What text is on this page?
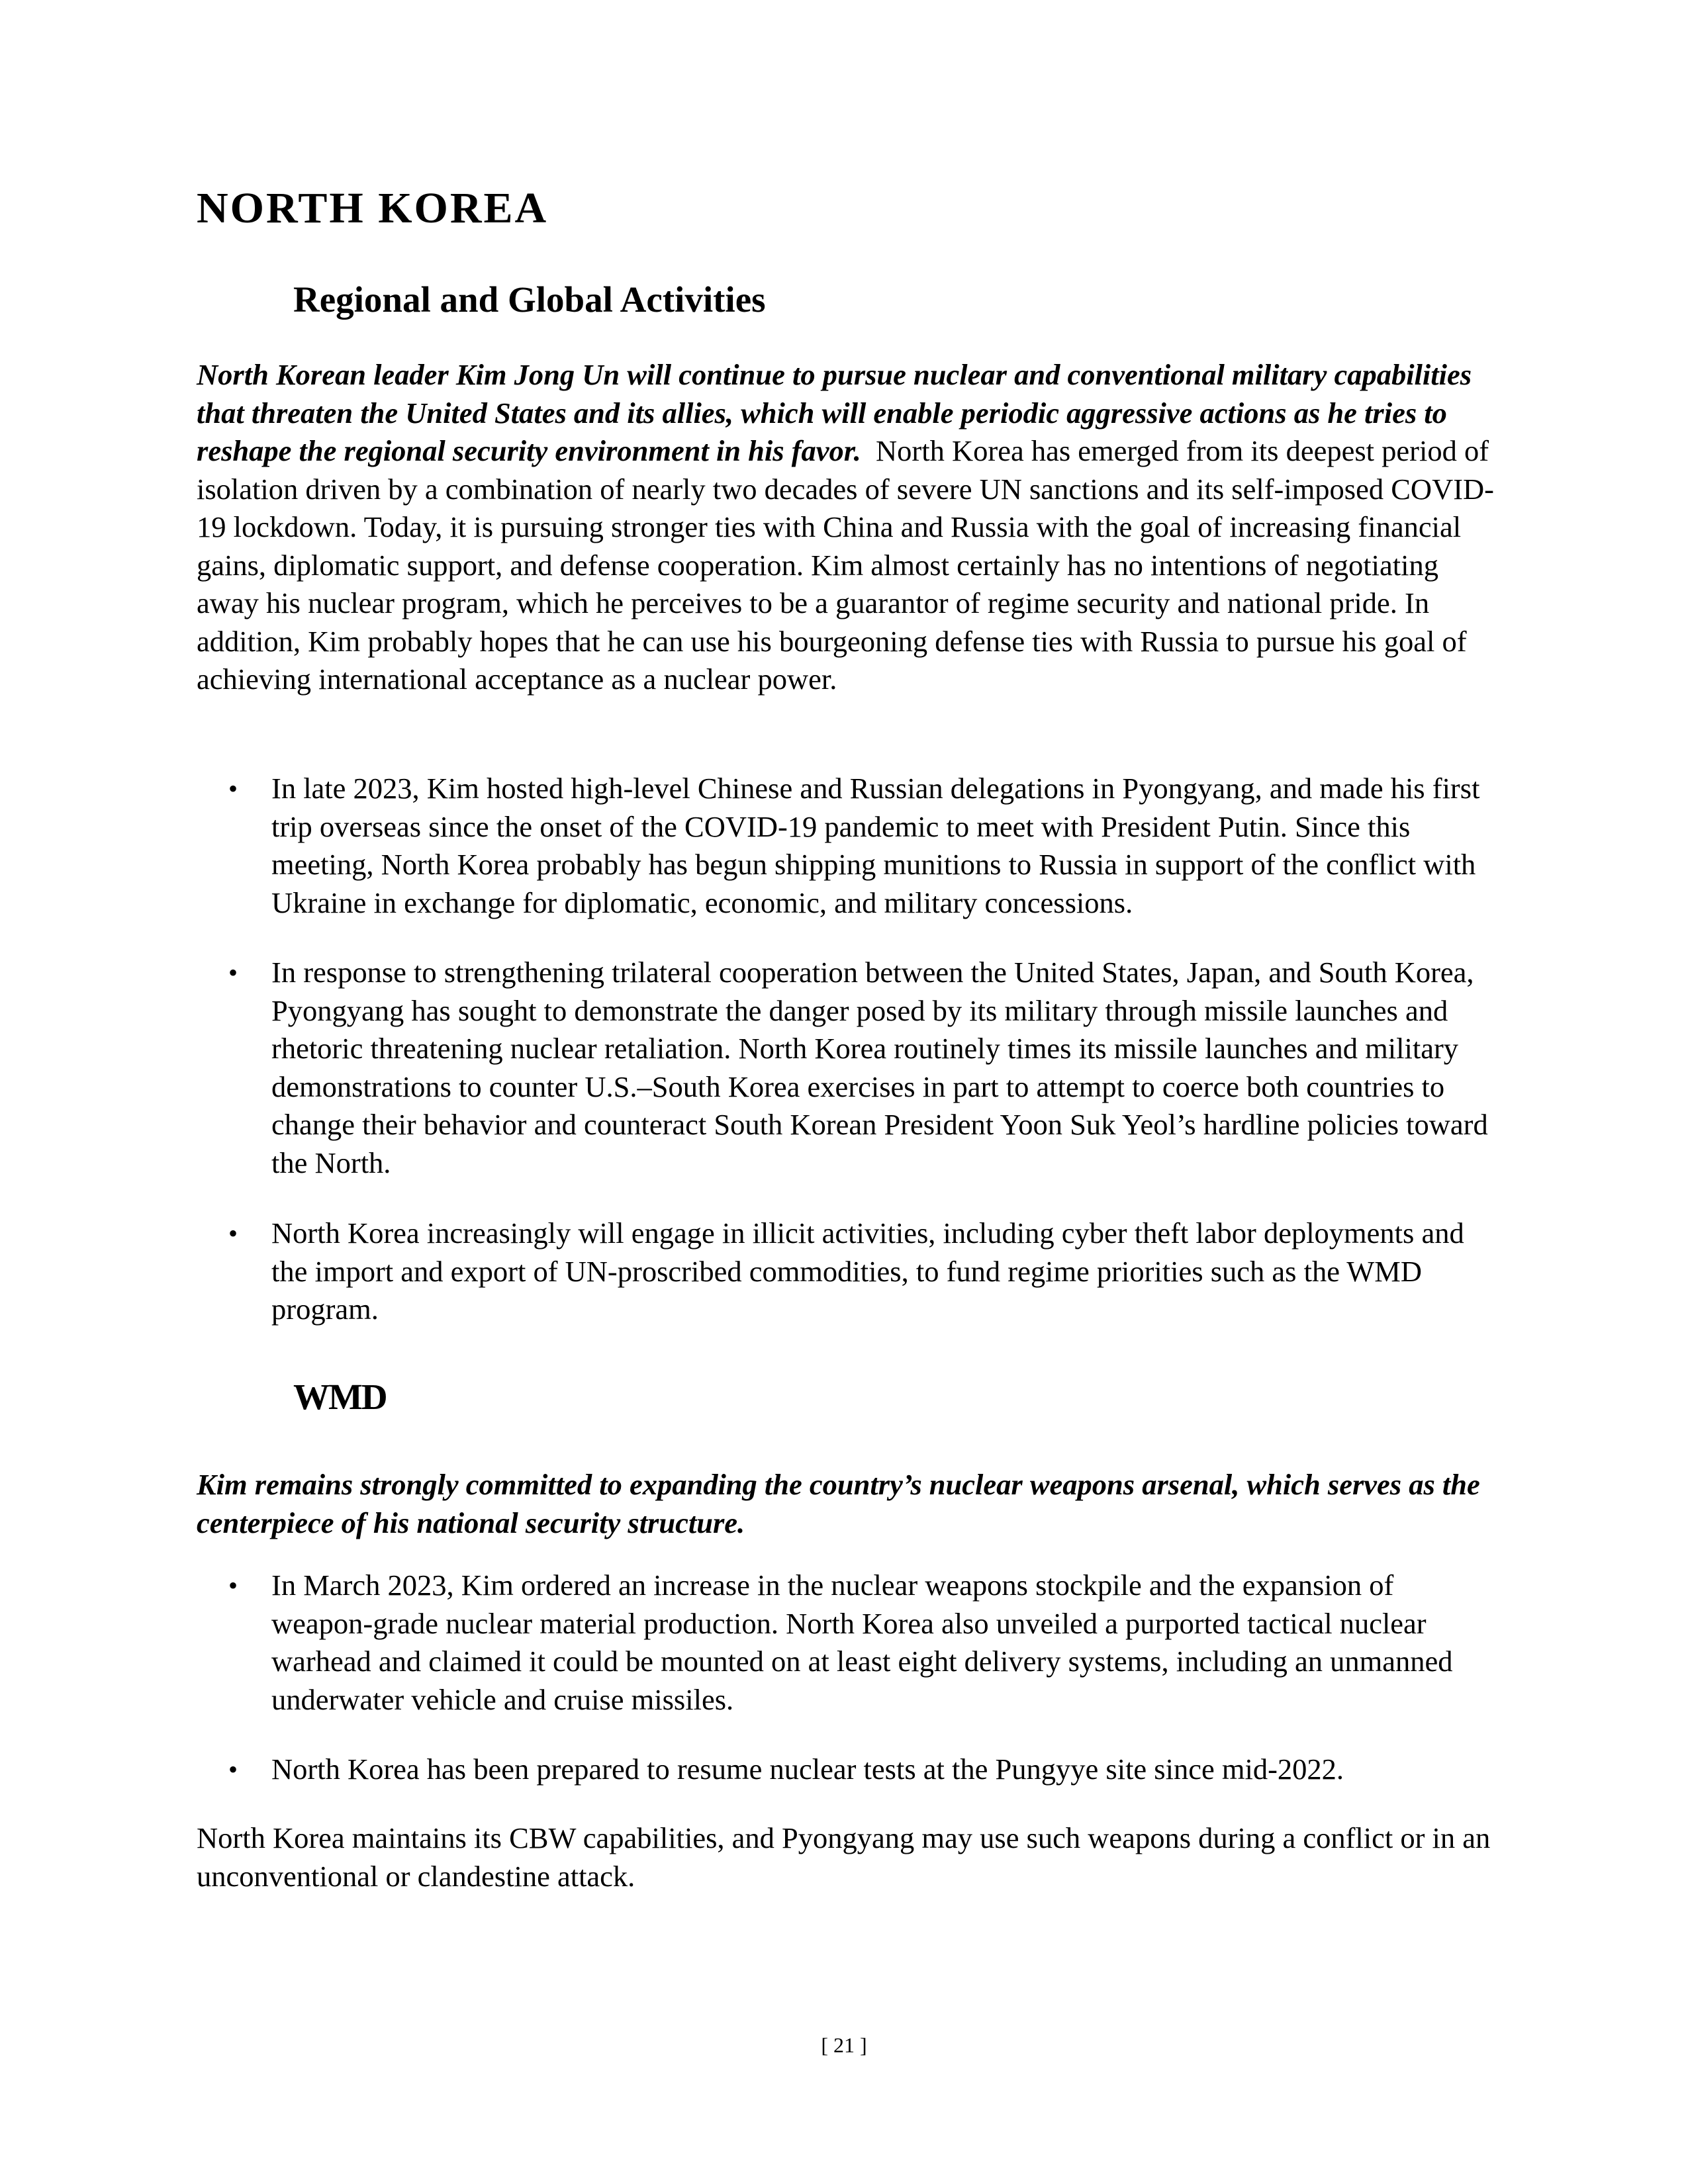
NORTH KOREA
Regional and Global Activities

North Korean leader Kim Jong Un will continue to pursue nuclear and conventional military capabilities that threaten the United States and its allies, which will enable periodic aggressive actions as he tries to reshape the regional security environment in his favor. North Korea has emerged from its deepest period of isolation driven by a combination of nearly two decades of severe UN sanctions and its self-imposed COVID-19 lockdown. Today, it is pursuing stronger ties with China and Russia with the goal of increasing financial gains, diplomatic support, and defense cooperation. Kim almost certainly has no intentions of negotiating away his nuclear program, which he perceives to be a guarantor of regime security and national pride. In addition, Kim probably hopes that he can use his bourgeoning defense ties with Russia to pursue his goal of achieving international acceptance as a nuclear power.

• In late 2023, Kim hosted high-level Chinese and Russian delegations in Pyongyang, and made his first trip overseas since the onset of the COVID-19 pandemic to meet with President Putin. Since this meeting, North Korea probably has begun shipping munitions to Russia in support of the conflict with Ukraine in exchange for diplomatic, economic, and military concessions.
• In response to strengthening trilateral cooperation between the United States, Japan, and South Korea, Pyongyang has sought to demonstrate the danger posed by its military through missile launches and rhetoric threatening nuclear retaliation. North Korea routinely times its missile launches and military demonstrations to counter U.S.–South Korea exercises in part to attempt to coerce both countries to change their behavior and counteract South Korean President Yoon Suk Yeol’s hardline policies toward the North.
• North Korea increasingly will engage in illicit activities, including cyber theft labor deployments and the import and export of UN-proscribed commodities, to fund regime priorities such as the WMD program.
WMD

Kim remains strongly committed to expanding the country’s nuclear weapons arsenal, which serves as the centerpiece of his national security structure.

• In March 2023, Kim ordered an increase in the nuclear weapons stockpile and the expansion of weapon-grade nuclear material production. North Korea also unveiled a purported tactical nuclear warhead and claimed it could be mounted on at least eight delivery systems, including an unmanned underwater vehicle and cruise missiles.
• North Korea has been prepared to resume nuclear tests at the Pungyye site since mid-2022.

North Korea maintains its CBW capabilities, and Pyongyang may use such weapons during a conflict or in an unconventional or clandestine attack.

[ 21 ]
